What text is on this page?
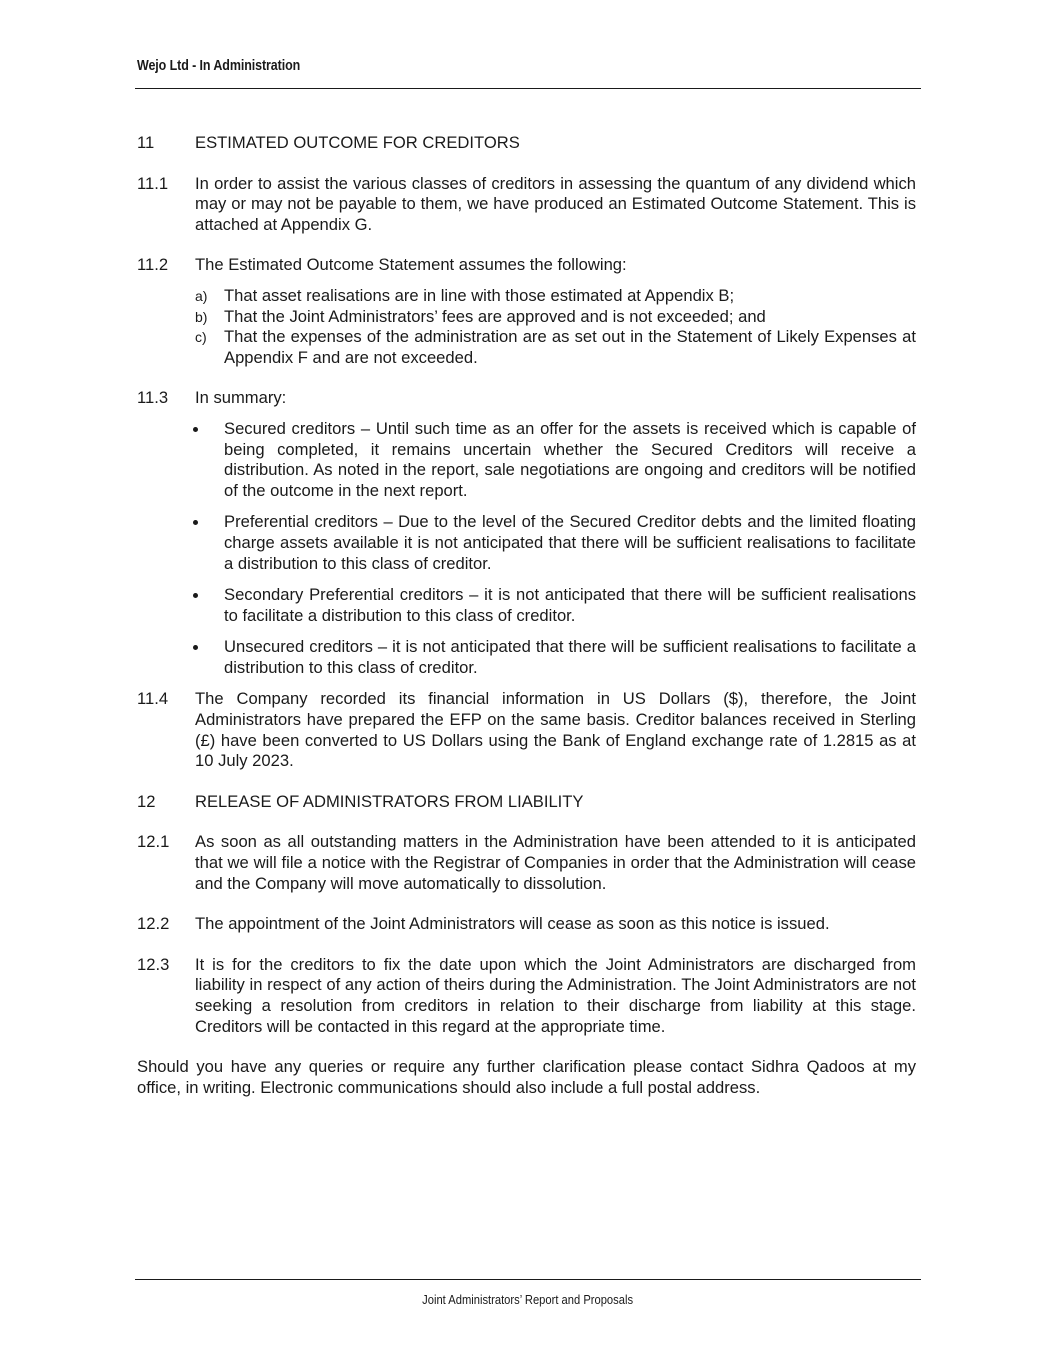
Wejo Ltd - In Administration
11	ESTIMATED OUTCOME FOR CREDITORS
11.1	In order to assist the various classes of creditors in assessing the quantum of any dividend which may or may not be payable to them, we have produced an Estimated Outcome Statement. This is attached at Appendix G.
11.2	The Estimated Outcome Statement assumes the following:
a) That asset realisations are in line with those estimated at Appendix B;
b) That the Joint Administrators’ fees are approved and is not exceeded; and
c)	That the expenses of the administration are as set out in the Statement of Likely Expenses at Appendix F and are not exceeded.
11.3	In summary:
Secured creditors – Until such time as an offer for the assets is received which is capable of being completed, it remains uncertain whether the Secured Creditors will receive a distribution. As noted in the report, sale negotiations are ongoing and creditors will be notified of the outcome in the next report.
Preferential creditors – Due to the level of the Secured Creditor debts and the limited floating charge assets available it is not anticipated that there will be sufficient realisations to facilitate a distribution to this class of creditor.
Secondary Preferential creditors – it is not anticipated that there will be sufficient realisations to facilitate a distribution to this class of creditor.
Unsecured creditors – it is not anticipated that there will be sufficient realisations to facilitate a distribution to this class of creditor.
11.4	The Company recorded its financial information in US Dollars ($), therefore, the Joint Administrators have prepared the EFP on the same basis. Creditor balances received in Sterling (£) have been converted to US Dollars using the Bank of England exchange rate of 1.2815 as at 10 July 2023.
12	RELEASE OF ADMINISTRATORS FROM LIABILITY
12.1	As soon as all outstanding matters in the Administration have been attended to it is anticipated that we will file a notice with the Registrar of Companies in order that the Administration will cease and the Company will move automatically to dissolution.
12.2	The appointment of the Joint Administrators will cease as soon as this notice is issued.
12.3	It is for the creditors to fix the date upon which the Joint Administrators are discharged from liability in respect of any action of theirs during the Administration. The Joint Administrators are not seeking a resolution from creditors in relation to their discharge from liability at this stage. Creditors will be contacted in this regard at the appropriate time.
Should you have any queries or require any further clarification please contact Sidhra Qadoos at my office, in writing. Electronic communications should also include a full postal address.
Joint Administrators’ Report and Proposals
